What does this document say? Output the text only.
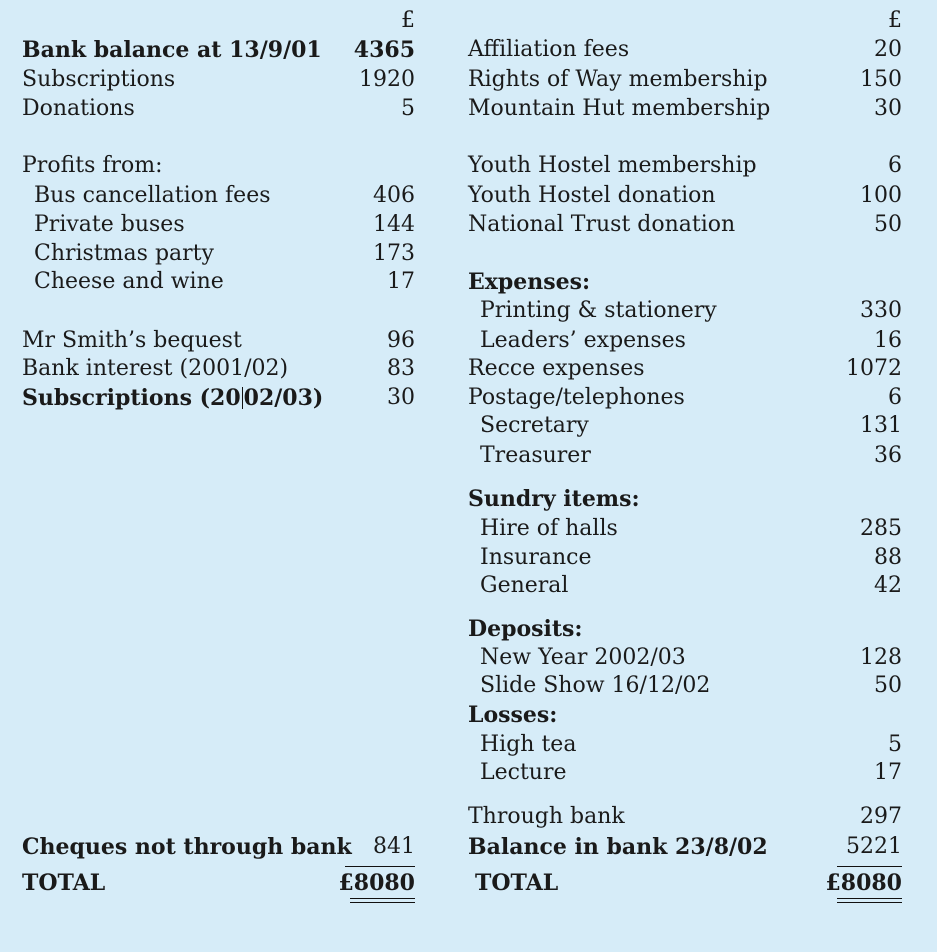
£
Bank balance at 13/9/01	4365
Subscriptions	1920
Donations	5
Profits from:
Bus cancellation fees	406
Private buses	144
Christmas party	173
Cheese and wine	17
Mr Smith’s bequest	96
Bank interest (2001/02)	83
Subscriptions (20 02/03)	30
Cheques not through bank 841
TOTAL	£8080
£
Affiliation fees	20
Rights of Way membership	150
Mountain Hut membership	30
Youth Hostel membership	6
Youth Hostel donation	100
National Trust donation	50
Expenses:
Printing & stationery	330
Leaders’ expenses	16
Recce expenses	1072
Postage/telephones	6
Secretary	131
Treasurer	36
Sundry items:
Hire of halls	285
Insurance	88
General	42
Deposits:
New Year 2002/03	128
Slide Show 16/12/02	50
Losses:
High tea	5
Lecture	17
Through bank	297
Balance in bank 23/8/02	5221
TOTAL	£8080
